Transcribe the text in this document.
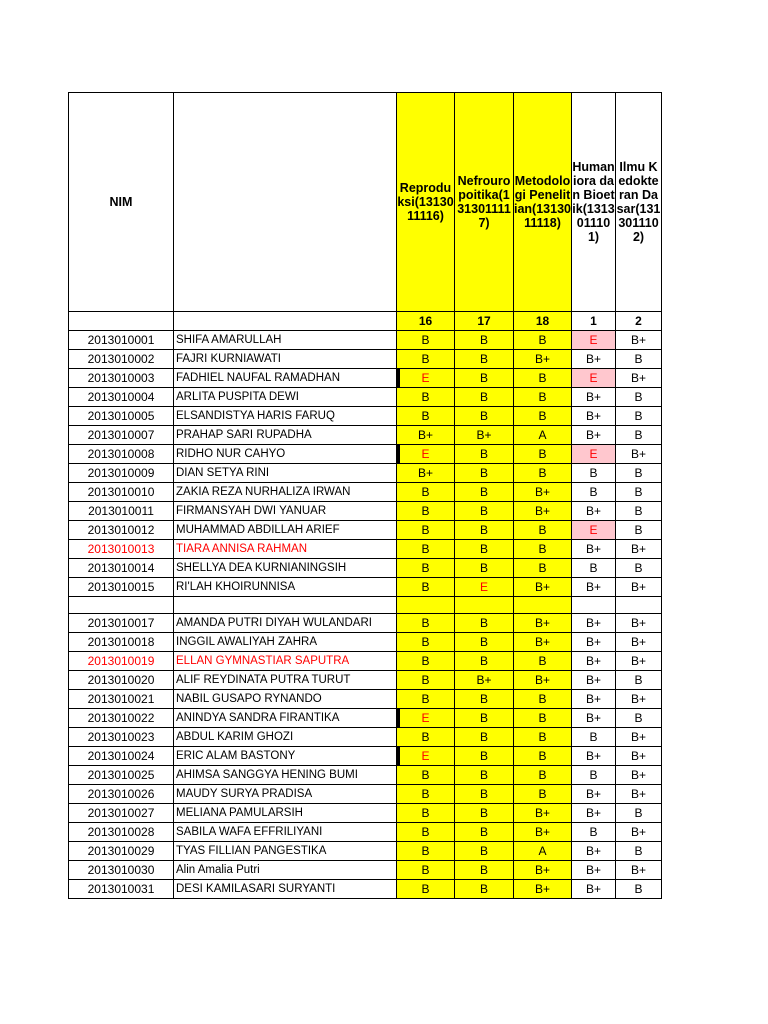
NIM		Reproduksi(1313011116)	Nefrouropoitika(1313011117)	Metodologi Penelitian(1313011118)	Humaniora dan Bioetik(1313011101)	Ilmu Kedokteran Dasar(1313011102)
		16	17	18	1	2
2013010001	SHIFA AMARULLAH	B	B	B	E	B+
2013010002	FAJRI KURNIAWATI	B	B	B+	B+	B
2013010003	FADHIEL NAUFAL RAMADHAN	E	B	B	E	B+
2013010004	ARLITA PUSPITA DEWI	B	B	B	B+	B
2013010005	ELSANDISTYA HARIS FARUQ	B	B	B	B+	B
2013010007	PRAHAP SARI RUPADHA	B+	B+	A	B+	B
2013010008	RIDHO NUR CAHYO	E	B	B	E	B+
2013010009	DIAN SETYA RINI	B+	B	B	B	B
2013010010	ZAKIA REZA NURHALIZA IRWAN	B	B	B+	B	B
2013010011	FIRMANSYAH DWI YANUAR	B	B	B+	B+	B
2013010012	MUHAMMAD ABDILLAH ARIEF	B	B	B	E	B
2013010013	TIARA ANNISA RAHMAN	B	B	B	B+	B+
2013010014	SHELLYA DEA KURNIANINGSIH	B	B	B	B	B
2013010015	RI'LAH KHOIRUNNISA	B	E	B+	B+	B+

2013010017	AMANDA PUTRI DIYAH WULANDARI	B	B	B+	B+	B+
2013010018	INGGIL AWALIYAH ZAHRA	B	B	B+	B+	B+
2013010019	ELLAN GYMNASTIAR SAPUTRA	B	B	B	B+	B+
2013010020	ALIF REYDINATA PUTRA TURUT	B	B+	B+	B+	B
2013010021	NABIL GUSAPO RYNANDO	B	B	B	B+	B+
2013010022	ANINDYA SANDRA FIRANTIKA	E	B	B	B+	B
2013010023	ABDUL KARIM GHOZI	B	B	B	B	B+
2013010024	ERIC ALAM BASTONY	E	B	B	B+	B+
2013010025	AHIMSA SANGGYA HENING BUMI	B	B	B	B	B+
2013010026	MAUDY SURYA PRADISA	B	B	B	B+	B+
2013010027	MELIANA PAMULARSIH	B	B	B+	B+	B
2013010028	SABILA WAFA EFFRILIYANI	B	B	B+	B	B+
2013010029	TYAS FILLIAN PANGESTIKA	B	B	A	B+	B
2013010030	Alin Amalia Putri	B	B	B+	B+	B+
2013010031	DESI KAMILASARI SURYANTI	B	B	B+	B+	B
